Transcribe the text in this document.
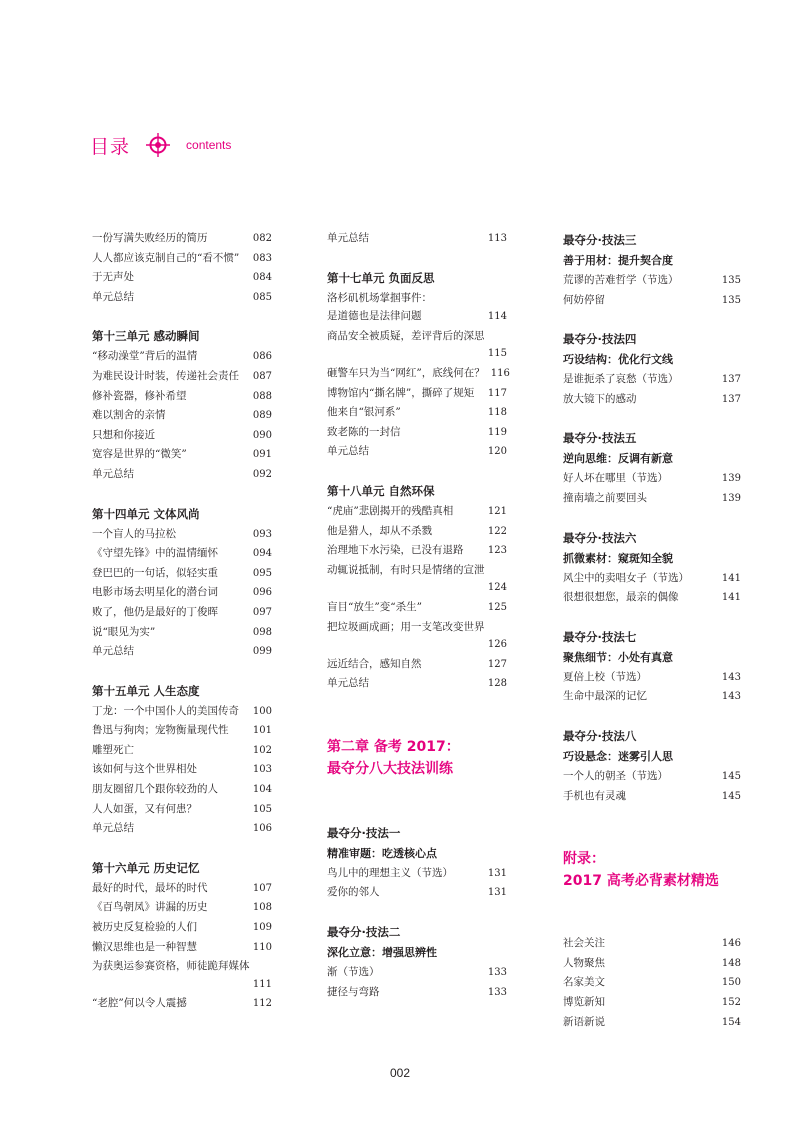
目录	contents
一份写满失败经历的简历	082
人人都应该克制自己的“看不惯”	083
于无声处	084
单元总结	085
第十三单元 感动瞬间
“移动澡堂”背后的温情	086
为难民设计时装，传递社会责任	087
修补瓷器，修补希望	088
难以割舍的亲情	089
只想和你接近	090
宽容是世界的“微笑”	091
单元总结	092
第十四单元 文体风尚
一个盲人的马拉松	093
《守望先锋》中的温情缅怀	094
登巴巴的一句话，似轻实重	095
电影市场去明星化的潜台词	096
败了，他仍是最好的丁俊晖	097
说“眼见为实”	098
单元总结	099
第十五单元 人生态度
丁龙：一个中国仆人的美国传奇	100
鲁迅与狗肉；宠物衡量现代性	101
雕塑死亡	102
该如何与这个世界相处	103
朋友圈留几个跟你较劲的人	104
人人如蛋，又有何患？	105
单元总结	106
第十六单元 历史记忆
最好的时代，最坏的时代	107
《百鸟朝凤》讲漏的历史	108
被历史反复检验的人们	109
懒汉思维也是一种智慧	110
为获奥运参赛资格，师徒跪拜媒体
111
“老腔”何以令人震撼	112
单元总结	113
第十七单元 负面反思
洛杉矶机场掌掴事件：
是道德也是法律问题	114
商品安全被质疑，差评背后的深思
115
砸警车只为当“网红”，底线何在？ 116
博物馆内“撕名牌”，撕碎了规矩	117
他来自“银河系”	118
致老陈的一封信	119
单元总结	120
第十八单元 自然环保
“虎庙”悲剧揭开的残酷真相	121
他是猎人，却从不杀戮	122
治理地下水污染，已没有退路	123
动辄说抵制，有时只是情绪的宣泄
124
盲目“放生”变“杀生”	125
把垃圾画成画；用一支笔改变世界
126
远近结合，感知自然	127
单元总结	128
第二章 备考 2017：
最夺分八大技法训练
最夺分·技法一
精准审题：吃透核心点
鸟儿中的理想主义（节选）	131
爱你的邻人	131
最夺分·技法二
深化立意：增强思辨性
渐（节选）	133
捷径与弯路	133
最夺分·技法三
善于用材：提升契合度
荒谬的苦难哲学（节选）	135
何妨停留	135
最夺分·技法四
巧设结构：优化行文线
是谁扼杀了哀愁（节选）	137
放大镜下的感动	137
最夺分·技法五
逆向思维：反调有新意
好人坏在哪里（节选）	139
撞南墙之前要回头	139
最夺分·技法六
抓微素材：窥斑知全貌
风尘中的卖唱女子（节选）	141
很想很想您，最亲的偶像	141
最夺分·技法七
聚焦细节：小处有真意
夏倍上校（节选）	143
生命中最深的记忆	143
最夺分·技法八
巧设悬念：迷雾引人思
一个人的朝圣（节选）	145
手机也有灵魂	145
附录：
2017 高考必背素材精选
社会关注	146
人物聚焦	148
名家美文	150
博览新知	152
新语新说	154
002
